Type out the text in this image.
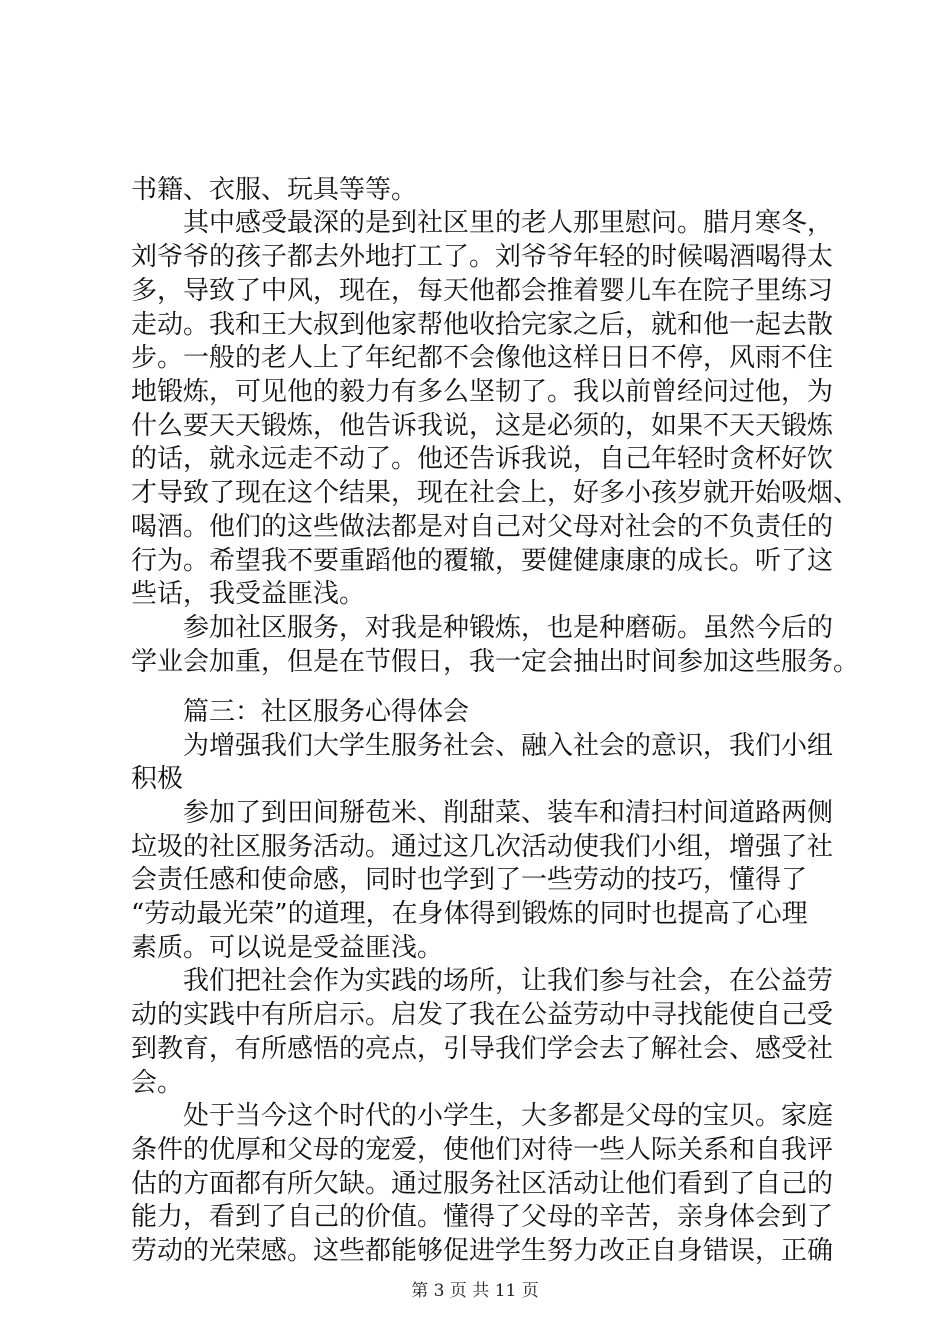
书籍、衣服、玩具等等。
其中感受最深的是到社区里的老人那里慰问。腊月寒冬，
刘爷爷的孩子都去外地打工了。刘爷爷年轻的时候喝酒喝得太
多，导致了中风，现在，每天他都会推着婴儿车在院子里练习
走动。我和王大叔到他家帮他收拾完家之后，就和他一起去散
步。一般的老人上了年纪都不会像他这样日日不停，风雨不住
地锻炼，可见他的毅力有多么坚韧了。我以前曾经问过他，为
什么要天天锻炼，他告诉我说，这是必须的，如果不天天锻炼
的话，就永远走不动了。他还告诉我说，自己年轻时贪杯好饮
才导致了现在这个结果，现在社会上，好多小孩岁就开始吸烟、
喝酒。他们的这些做法都是对自己对父母对社会的不负责任的
行为。希望我不要重蹈他的覆辙，要健健康康的成长。听了这
些话，我受益匪浅。
参加社区服务，对我是种锻炼，也是种磨砺。虽然今后的
学业会加重，但是在节假日，我一定会抽出时间参加这些服务。
篇三：社区服务心得体会
为增强我们大学生服务社会、融入社会的意识，我们小组
积极
参加了到田间掰苞米、削甜菜、装车和清扫村间道路两侧
垃圾的社区服务活动。通过这几次活动使我们小组，增强了社
会责任感和使命感，同时也学到了一些劳动的技巧，懂得了
“劳动最光荣”的道理，在身体得到锻炼的同时也提高了心理
素质。可以说是受益匪浅。
我们把社会作为实践的场所，让我们参与社会，在公益劳
动的实践中有所启示。启发了我在公益劳动中寻找能使自己受
到教育，有所感悟的亮点，引导我们学会去了解社会、感受社
会。
处于当今这个时代的小学生，大多都是父母的宝贝。家庭
条件的优厚和父母的宠爱，使他们对待一些人际关系和自我评
估的方面都有所欠缺。通过服务社区活动让他们看到了自己的
能力，看到了自己的价值。懂得了父母的辛苦，亲身体会到了
第 3 页 共 11 页
劳动的光荣感。这些都能够促进学生努力改正自身错误，正确
